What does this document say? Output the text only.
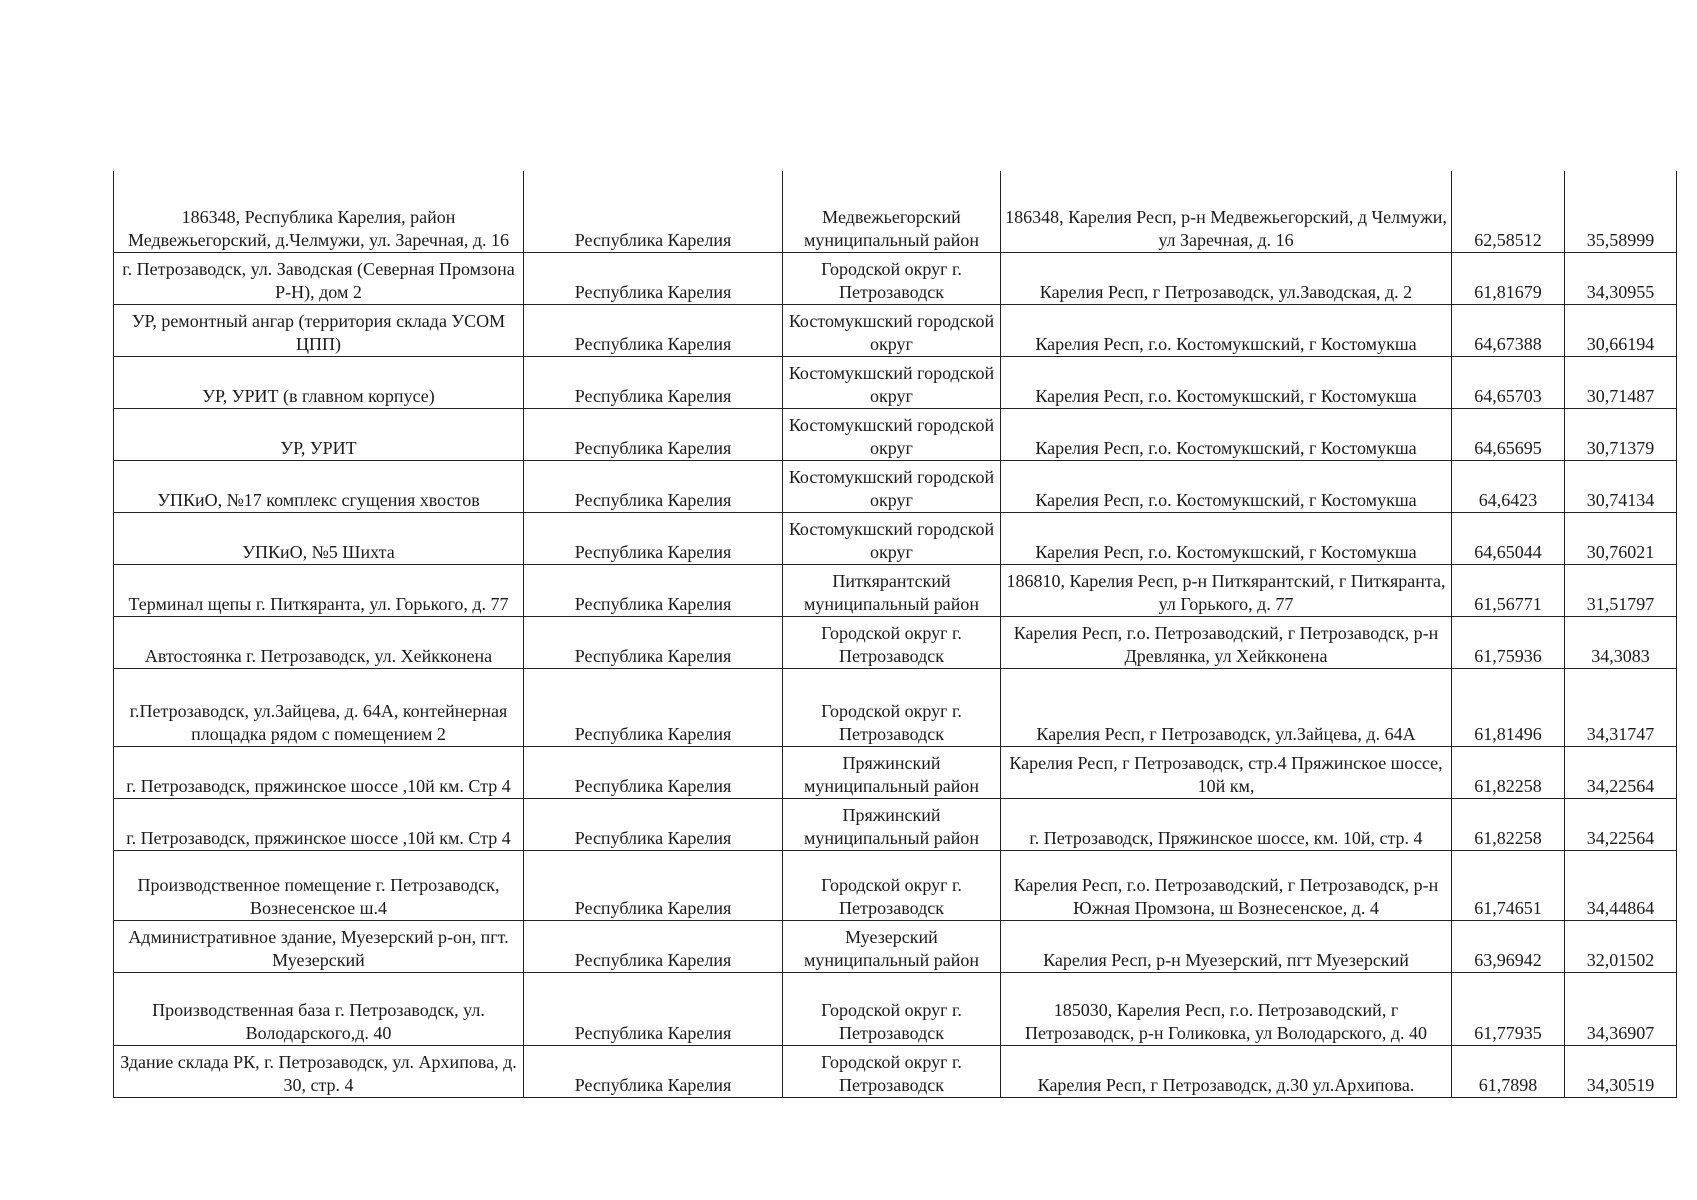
186348, Республика Карелия, район Медвежьегорский, д.Челмужи, ул. Заречная, д. 16	Республика Карелия	Медвежьегорский муниципальный район	186348, Карелия Респ, р-н Медвежьегорский, д Челмужи, ул Заречная, д. 16	62,58512	35,58999
г. Петрозаводск, ул. Заводская (Северная Промзона Р-Н), дом 2	Республика Карелия	Городской округ г. Петрозаводск	Карелия Респ, г Петрозаводск, ул.Заводская, д. 2	61,81679	34,30955
УР, ремонтный ангар (территория склада УСОМ ЦПП)	Республика Карелия	Костомукшский городской округ	Карелия Респ, г.о. Костомукшский, г Костомукша	64,67388	30,66194
УР, УРИТ (в главном корпусе)	Республика Карелия	Костомукшский городской округ	Карелия Респ, г.о. Костомукшский, г Костомукша	64,65703	30,71487
УР, УРИТ	Республика Карелия	Костомукшский городской округ	Карелия Респ, г.о. Костомукшский, г Костомукша	64,65695	30,71379
УПКиО, №17 комплекс сгущения хвостов	Республика Карелия	Костомукшский городской округ	Карелия Респ, г.о. Костомукшский, г Костомукша	64,6423	30,74134
УПКиО, №5 Шихта	Республика Карелия	Костомукшский городской округ	Карелия Респ, г.о. Костомукшский, г Костомукша	64,65044	30,76021
Терминал щепы г. Питкяранта, ул. Горького, д. 77	Республика Карелия	Питкярантский муниципальный район	186810, Карелия Респ, р-н Питкярантский, г Питкяранта, ул Горького, д. 77	61,56771	31,51797
Автостоянка г. Петрозаводск, ул. Хейкконена	Республика Карелия	Городской округ г. Петрозаводск	Карелия Респ, г.о. Петрозаводский, г Петрозаводск, р-н Древлянка, ул Хейкконена	61,75936	34,3083
г.Петрозаводск, ул.Зайцева, д. 64А, контейнерная площадка рядом с помещением 2	Республика Карелия	Городской округ г. Петрозаводск	Карелия Респ, г Петрозаводск, ул.Зайцева, д. 64А	61,81496	34,31747
г. Петрозаводск, пряжинское шоссе ,10й км. Стр 4	Республика Карелия	Пряжинский муниципальный район	Карелия Респ, г Петрозаводск, стр.4 Пряжинское шоссе, 10й км,	61,82258	34,22564
г. Петрозаводск, пряжинское шоссе ,10й км. Стр 4	Республика Карелия	Пряжинский муниципальный район	г. Петрозаводск, Пряжинское шоссе, км. 10й, стр. 4	61,82258	34,22564
Производственное помещение г. Петрозаводск, Вознесенское ш.4	Республика Карелия	Городской округ г. Петрозаводск	Карелия Респ, г.о. Петрозаводский, г Петрозаводск, р-н Южная Промзона, ш Вознесенское, д. 4	61,74651	34,44864
Административное здание, Муезерский р-он, пгт. Муезерский	Республика Карелия	Муезерский муниципальный район	Карелия Респ, р-н Муезерский, пгт Муезерский	63,96942	32,01502
Производственная база г. Петрозаводск, ул. Володарского,д. 40	Республика Карелия	Городской округ г. Петрозаводск	185030, Карелия Респ, г.о. Петрозаводский, г Петрозаводск, р-н Голиковка, ул Володарского, д. 40	61,77935	34,36907
Здание склада РК, г. Петрозаводск, ул. Архипова, д. 30, стр. 4	Республика Карелия	Городской округ г. Петрозаводск	Карелия Респ, г Петрозаводск, д.30 ул.Архипова.	61,7898	34,30519
